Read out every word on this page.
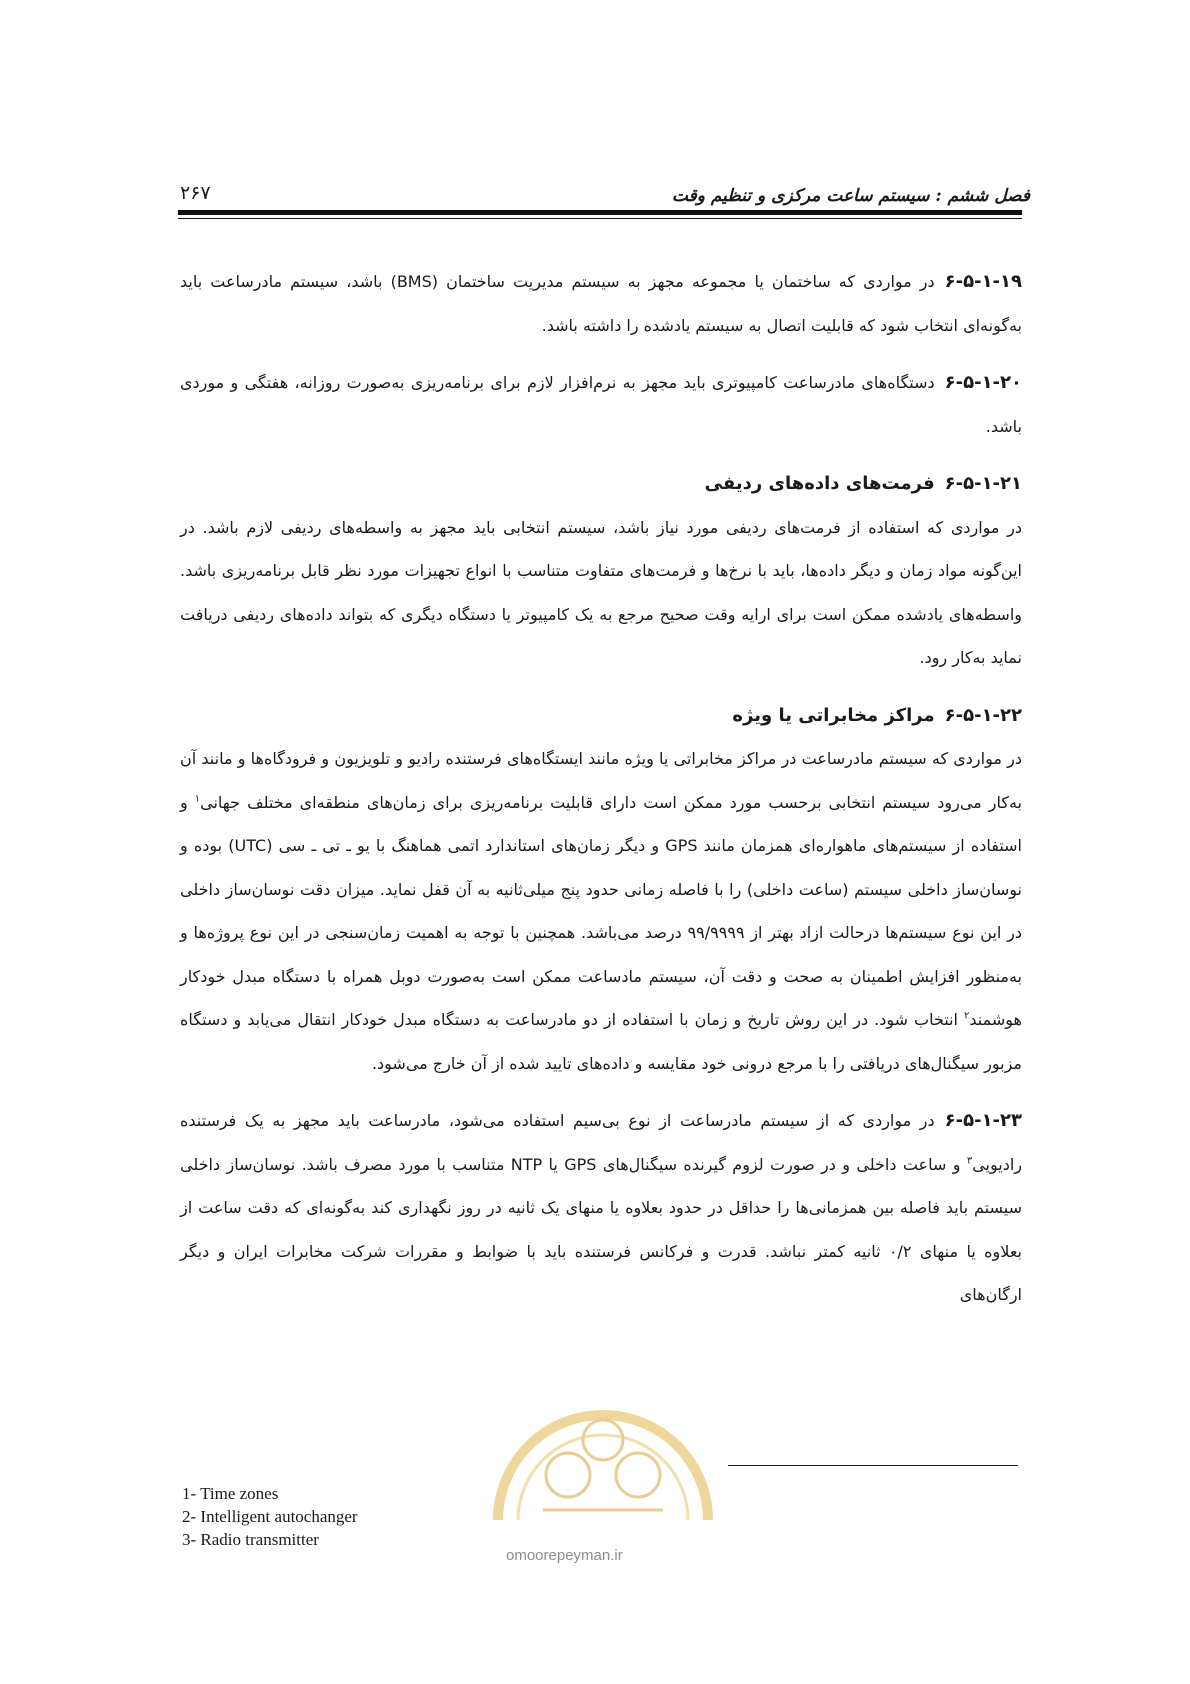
فصل ششم : سیستم ساعت مرکزی و تنظیم وقت
۲۶۷

۶-۵-۱-۱۹در مواردی که ساختمان یا مجموعه مجهز به سیستم مدیریت ساختمان (BMS) باشد، سیستم مادرساعت باید به‌گونه‌ای انتخاب شود که قابلیت اتصال به سیستم یادشده را داشته باشد.

۶-۵-۱-۲۰دستگاه‌های مادرساعت کامپیوتری باید مجهز به نرم‌افزار لازم برای برنامه‌ریزی به‌صورت روزانه، هفتگی و موردی باشد.

۶-۵-۱-۲۱فرمت‌های داده‌های ردیفی

در مواردی که استفاده از فرمت‌های ردیفی مورد نیاز باشد، سیستم انتخابی باید مجهز به واسطه‌های ردیفی لازم باشد. در این‌گونه مواد زمان و دیگر داده‌ها، باید با نرخ‌ها و فرمت‌های متفاوت متناسب با انواع تجهیزات مورد نظر قابل برنامه‌ریزی باشد. واسطه‌های یادشده ممکن است برای ارایه وقت صحیح مرجع به یک کامپیوتر یا دستگاه دیگری که بتواند داده‌های ردیفی دریافت نماید به‌کار رود.

۶-۵-۱-۲۲مراکز مخابراتی یا ویژه

در مواردی که سیستم مادرساعت در مراکز مخابراتی یا ویژه مانند ایستگاه‌های فرستنده رادیو و تلویزیون و فرودگاه‌ها و مانند آن به‌کار می‌رود سیستم انتخابی برحسب مورد ممکن است دارای قابلیت برنامه‌ریزی برای زمان‌های منطقه‌ای مختلف جهانی$^۱$ و استفاده از سیستم‌های ماهواره‌ای همزمان مانند GPS و دیگر زمان‌های استاندارد اتمی هماهنگ با یو ـ تی ـ سی (UTC) بوده و نوسان‌ساز داخلی سیستم (ساعت داخلی) را با فاصله زمانی حدود پنج میلی‌ثانیه به آن قفل نماید. میزان دقت نوسان‌ساز داخلی در این نوع سیستم‌ها درحالت ازاد بهتر از ۹۹/۹۹۹۹ درصد می‌باشد. همچنین با توجه به اهمیت زمان‌سنجی در این نوع پروژه‌ها و به‌منظور افزایش اطمینان به صحت و دقت آن، سیستم مادساعت ممکن است به‌صورت دوبل همراه با دستگاه مبدل خودکار هوشمند$^۲$ انتخاب شود. در این روش تاریخ و زمان با استفاده از دو مادرساعت به دستگاه مبدل خودکار انتقال می‌یابد و دستگاه مزبور سیگنال‌های دریافتی را با مرجع درونی خود مقایسه و داده‌های تایید شده از آن خارج می‌شود.

۶-۵-۱-۲۳در مواردی که از سیستم مادرساعت از نوع بی‌سیم استفاده می‌شود، مادرساعت باید مجهز به یک فرستنده رادیویی$^۳$ و ساعت داخلی و در صورت لزوم گیرنده سیگنال‌های GPS یا NTP متناسب با مورد مصرف باشد. نوسان‌ساز داخلی سیستم باید فاصله بین همزمانی‌ها را حداقل در حدود بعلاوه یا منهای یک ثانیه در روز نگهداری کند به‌گونه‌ای که دقت ساعت از بعلاوه یا منهای ۰/۲ ثانیه کمتر نباشد. قدرت و فرکانس فرستنده باید با ضوابط و مقررات شرکت مخابرات ایران و دیگر ارگان‌های

omoorepeyman.ir
1- Time zones
2- Intelligent autochanger
3- Radio transmitter
